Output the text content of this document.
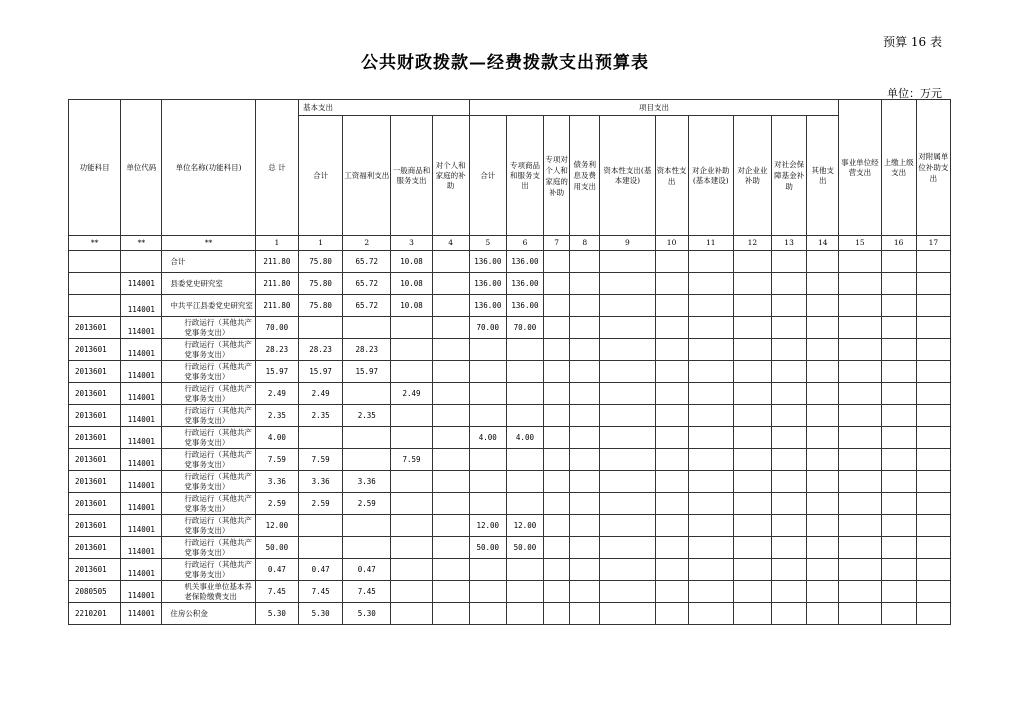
预算 16 表
公共财政拨款—经费拨款支出预算表
单位：万元
功能科目	单位代码	单位名称(功能科目)	总 计	基本支出				项目支出										事业单位经营支出	上缴上级支出	对附属单位补助支出
				合计	工资福利支出	一般商品和服务支出	对个人和家庭的补助	合计	专项商品和服务支出	专项对个人和家庭的补助	债务利息及费用支出	资本性支出(基本建设)	资本性支出	对企业补助(基本建设)	对企业业补助	对社会保障基金补助	其他支出			
**	**	**	1	1	2	3	4	5	6	7	8	9	10	11	12	13	14	15	16	17
		合计	211.80	75.80	65.72	10.08		136.00	136.00											
	114001	县委党史研究室	211.80	75.80	65.72	10.08		136.00	136.00											
	114001	中共平江县委党史研究室	211.80	75.80	65.72	10.08		136.00	136.00											
2013601	114001	行政运行（其他共产党事务支出）	70.00					70.00	70.00											
2013601	114001	行政运行（其他共产党事务支出）	28.23	28.23	28.23															
2013601	114001	行政运行（其他共产党事务支出）	15.97	15.97	15.97															
2013601	114001	行政运行（其他共产党事务支出）	2.49	2.49		2.49														
2013601	114001	行政运行（其他共产党事务支出）	2.35	2.35	2.35															
2013601	114001	行政运行（其他共产党事务支出）	4.00					4.00	4.00											
2013601	114001	行政运行（其他共产党事务支出）	7.59	7.59		7.59														
2013601	114001	行政运行（其他共产党事务支出）	3.36	3.36	3.36															
2013601	114001	行政运行（其他共产党事务支出）	2.59	2.59	2.59															
2013601	114001	行政运行（其他共产党事务支出）	12.00					12.00	12.00											
2013601	114001	行政运行（其他共产党事务支出）	50.00					50.00	50.00											
2013601	114001	行政运行（其他共产党事务支出）	0.47	0.47	0.47															
2080505	114001	机关事业单位基本养老保险缴费支出	7.45	7.45	7.45															
2210201	114001	住房公积金	5.30	5.30	5.30															
